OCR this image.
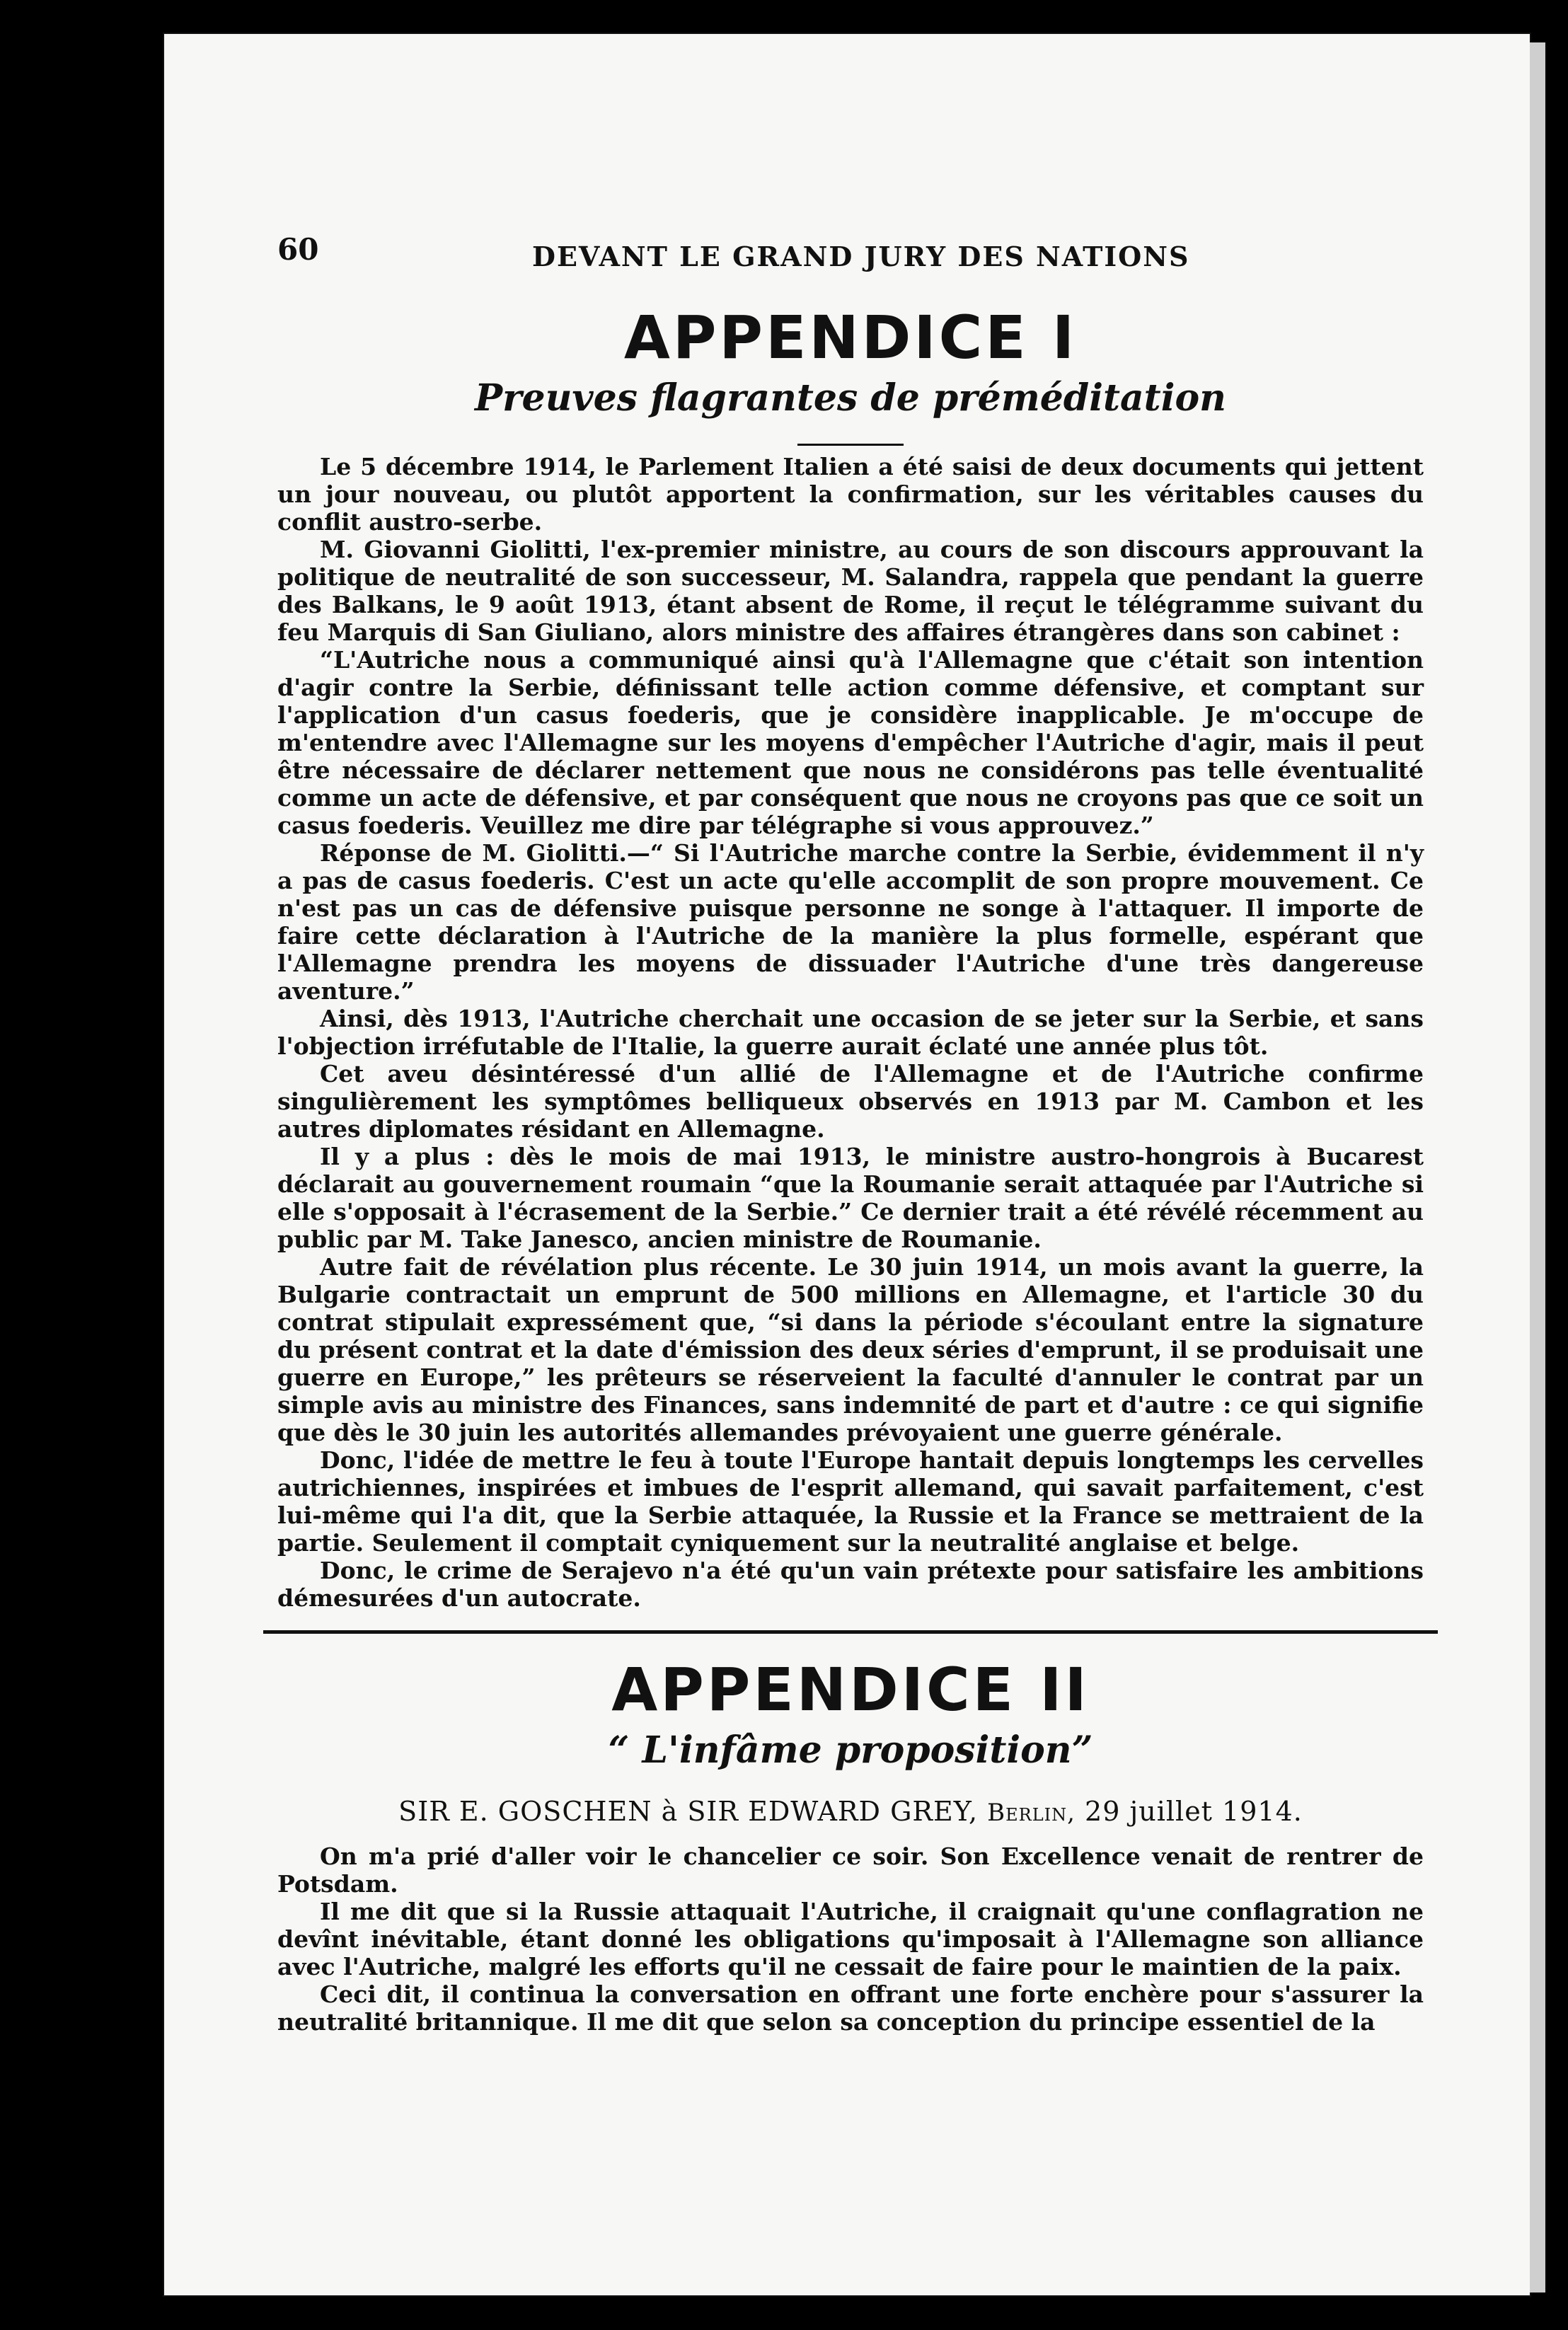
60	DEVANT LE GRAND JURY DES NATIONS
APPENDICE I
Preuves flagrantes de préméditation

Le 5 décembre 1914, le Parlement Italien a été saisi de deux documents qui jettent un jour nouveau, ou plutôt apportent la confirmation, sur les véritables causes du conflit austro-serbe.

M. Giovanni Giolitti, l'ex-premier ministre, au cours de son discours approuvant la politique de neutralité de son successeur, M. Salandra, rappela que pendant la guerre des Balkans, le 9 août 1913, étant absent de Rome, il reçut le télégramme suivant du feu Marquis di San Giuliano, alors ministre des affaires étrangères dans son cabinet :

“L'Autriche nous a communiqué ainsi qu'à l'Allemagne que c'était son intention d'agir contre la Serbie, définissant telle action comme défensive, et comptant sur l'application d'un casus foederis, que je considère inapplicable. Je m'occupe de m'entendre avec l'Allemagne sur les moyens d'empêcher l'Autriche d'agir, mais il peut être nécessaire de déclarer nettement que nous ne considérons pas telle éventualité comme un acte de défensive, et par conséquent que nous ne croyons pas que ce soit un casus foederis. Veuillez me dire par télégraphe si vous approuvez.”

Réponse de M. Giolitti.—“ Si l'Autriche marche contre la Serbie, évidemment il n'y a pas de casus foederis. C'est un acte qu'elle accomplit de son propre mouvement. Ce n'est pas un cas de défensive puisque personne ne songe à l'attaquer. Il importe de faire cette déclaration à l'Autriche de la manière la plus formelle, espérant que l'Allemagne prendra les moyens de dissuader l'Autriche d'une très dangereuse aventure.”

Ainsi, dès 1913, l'Autriche cherchait une occasion de se jeter sur la Serbie, et sans l'objection irréfutable de l'Italie, la guerre aurait éclaté une année plus tôt.

Cet aveu désintéressé d'un allié de l'Allemagne et de l'Autriche confirme singulièrement les symptômes belliqueux observés en 1913 par M. Cambon et les autres diplomates résidant en Allemagne.

Il y a plus : dès le mois de mai 1913, le ministre austro-hongrois à Bucarest déclarait au gouvernement roumain “que la Roumanie serait attaquée par l'Autriche si elle s'opposait à l'écrasement de la Serbie.” Ce dernier trait a été révélé récemment au public par M. Take Janesco, ancien ministre de Roumanie.

Autre fait de révélation plus récente. Le 30 juin 1914, un mois avant la guerre, la Bulgarie contractait un emprunt de 500 millions en Allemagne, et l'article 30 du contrat stipulait expressément que, “si dans la période s'écoulant entre la signature du présent contrat et la date d'émission des deux séries d'emprunt, il se produisait une guerre en Europe,” les prêteurs se réserveient la faculté d'annuler le contrat par un simple avis au ministre des Finances, sans indemnité de part et d'autre : ce qui signifie que dès le 30 juin les autorités allemandes prévoyaient une guerre générale.

Donc, l'idée de mettre le feu à toute l'Europe hantait depuis longtemps les cervelles autrichiennes, inspirées et imbues de l'esprit allemand, qui savait parfaitement, c'est lui-même qui l'a dit, que la Serbie attaquée, la Russie et la France se mettraient de la partie. Seulement il comptait cyniquement sur la neutralité anglaise et belge.

Donc, le crime de Serajevo n'a été qu'un vain prétexte pour satisfaire les ambitions démesurées d'un autocrate.

APPENDICE II
“ L'infâme proposition”
SIR E. GOSCHEN à SIR EDWARD GREY, Berlin, 29 juillet 1914.

On m'a prié d'aller voir le chancelier ce soir. Son Excellence venait de rentrer de Potsdam.

Il me dit que si la Russie attaquait l'Autriche, il craignait qu'une conflagration ne devînt inévitable, étant donné les obligations qu'imposait à l'Allemagne son alliance avec l'Autriche, malgré les efforts qu'il ne cessait de faire pour le maintien de la paix.

Ceci dit, il continua la conversation en offrant une forte enchère pour s'assurer la neutralité britannique. Il me dit que selon sa conception du principe essentiel de la
